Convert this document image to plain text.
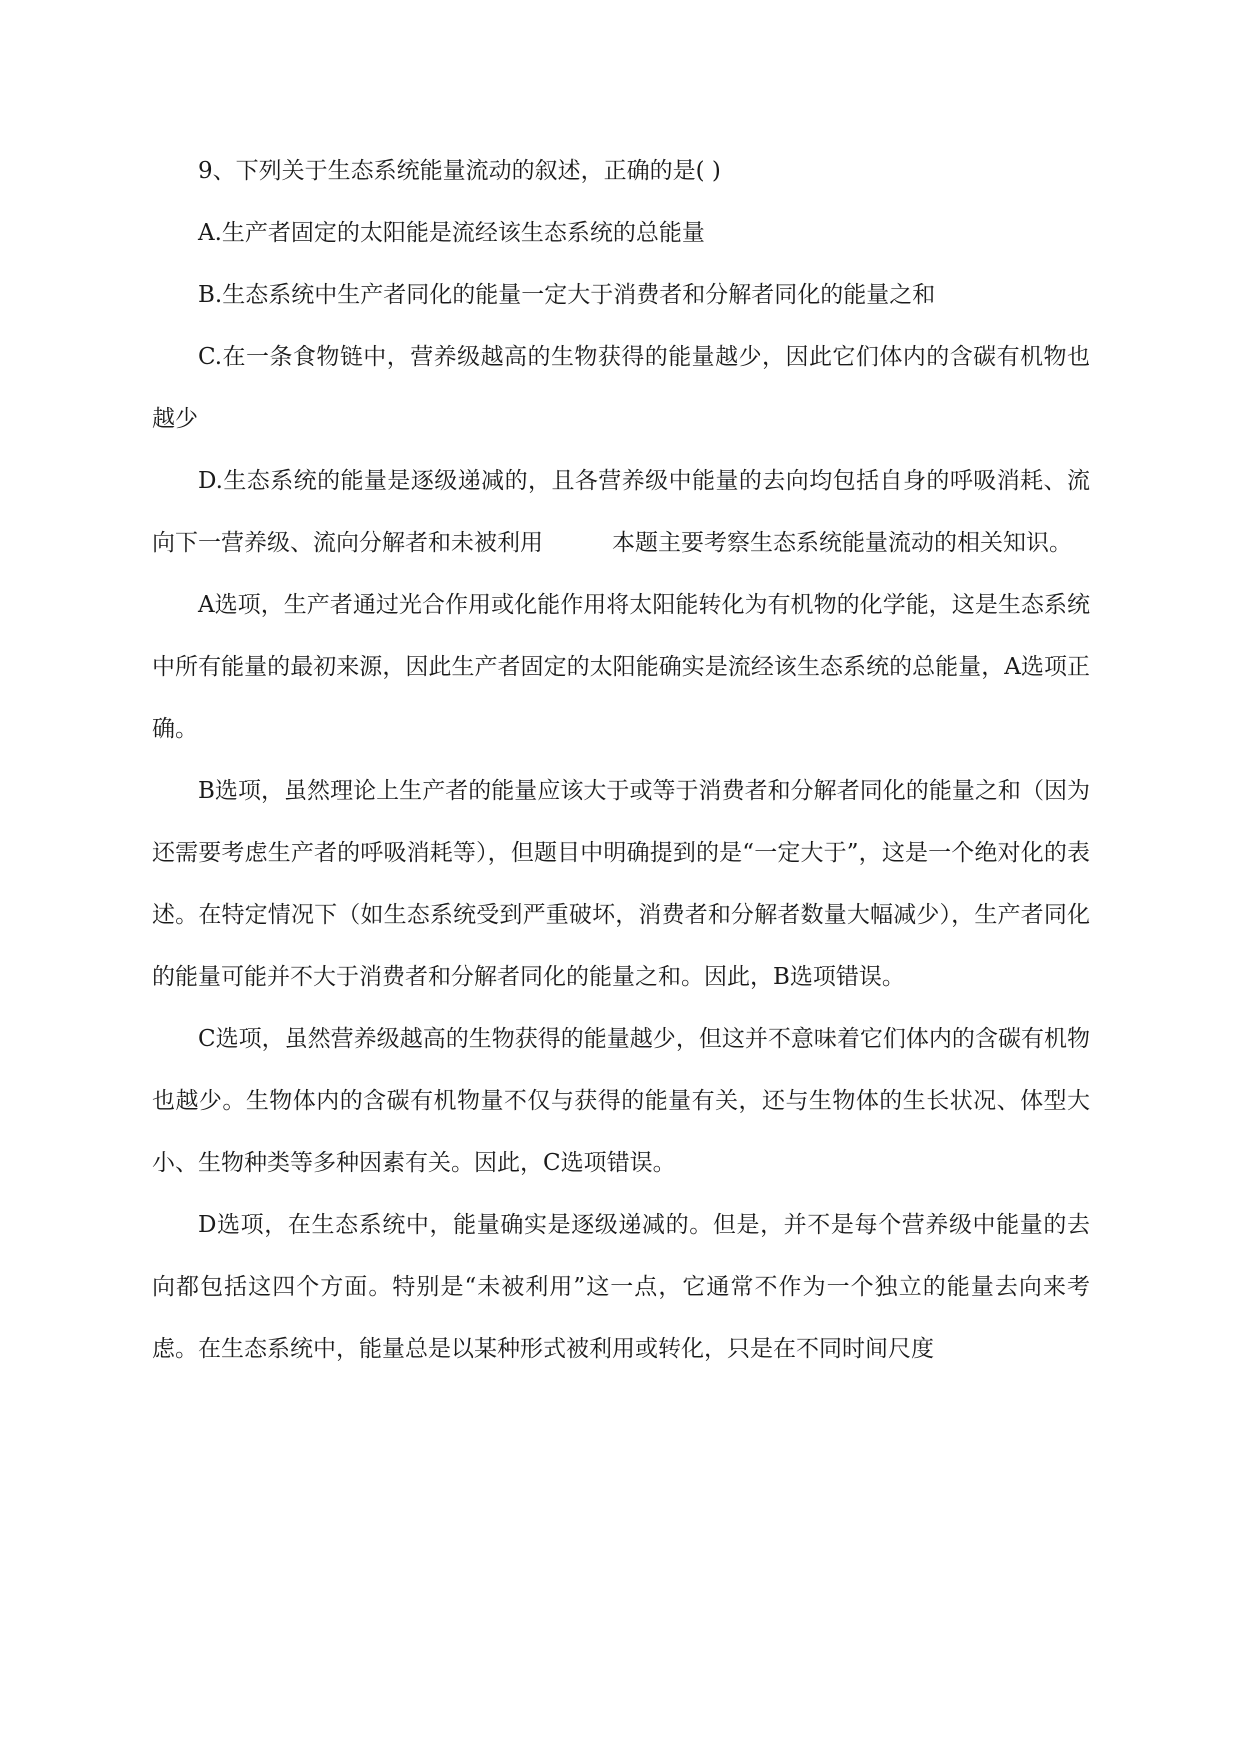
9、下列关于生态系统能量流动的叙述，正确的是( )

A.生产者固定的太阳能是流经该生态系统的总能量

B.生态系统中生产者同化的能量一定大于消费者和分解者同化的能量之和

C.在一条食物链中，营养级越高的生物获得的能量越少，因此它们体内的含碳有机物也越少

D.生态系统的能量是逐级递减的，且各营养级中能量的去向均包括自身的呼吸消耗、流向下一营养级、流向分解者和未被利用　　　本题主要考察生态系统能量流动的相关知识。

A选项，生产者通过光合作用或化能作用将太阳能转化为有机物的化学能，这是生态系统中所有能量的最初来源，因此生产者固定的太阳能确实是流经该生态系统的总能量，A选项正确。

B选项，虽然理论上生产者的能量应该大于或等于消费者和分解者同化的能量之和（因为还需要考虑生产者的呼吸消耗等），但题目中明确提到的是“一定大于”，这是一个绝对化的表述。在特定情况下（如生态系统受到严重破坏，消费者和分解者数量大幅减少），生产者同化的能量可能并不大于消费者和分解者同化的能量之和。因此，B选项错误。

C选项，虽然营养级越高的生物获得的能量越少，但这并不意味着它们体内的含碳有机物也越少。生物体内的含碳有机物量不仅与获得的能量有关，还与生物体的生长状况、体型大小、生物种类等多种因素有关。因此，C选项错误。

D选项，在生态系统中，能量确实是逐级递减的。但是，并不是每个营养级中能量的去向都包括这四个方面。特别是“未被利用”这一点，它通常不作为一个独立的能量去向来考虑。在生态系统中，能量总是以某种形式被利用或转化，只是在不同时间尺度
